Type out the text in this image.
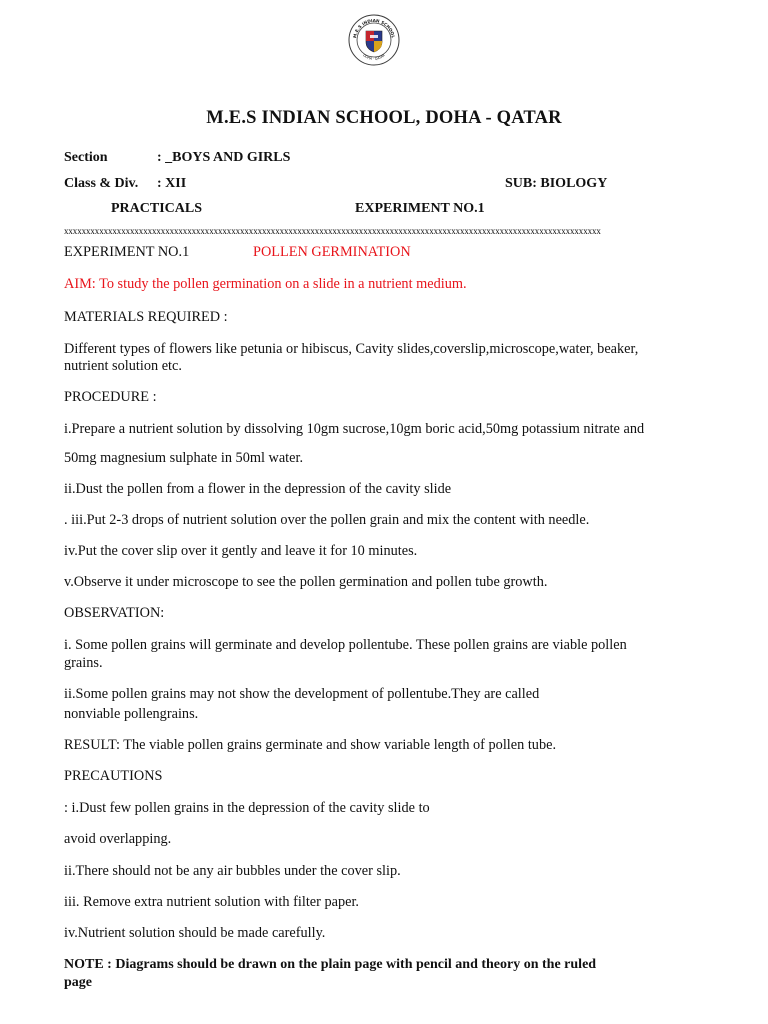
M.E.S INDIAN SCHOOL
DOHA · QATAR
M.E.S INDIAN SCHOOL, DOHA - QATAR
Section	: _BOYS AND GIRLS
Class & Div. : XII	SUB: BIOLOGY
PRACTICALS	EXPERIMENT NO.1
xxxxxxxxxxxxxxxxxxxxxxxxxxxxxxxxxxxxxxxxxxxxxxxxxxxxxxxxxxxxxxxxxxxxxxxxxxxxxxxxxxxxxxxxxxxxxxxxxxxxxxxxxxxxxxxxxxxxxxxxxx
EXPERIMENT NO.1	POLLEN GERMINATION
AIM: To study the pollen germination on a slide in a nutrient medium.
MATERIALS REQUIRED :
Different types of flowers like petunia or hibiscus, Cavity slides,coverslip,microscope,water, beaker,
nutrient solution etc.
PROCEDURE :
i.Prepare a nutrient solution by dissolving 10gm sucrose,10gm boric acid,50mg potassium nitrate and
50mg magnesium sulphate in 50ml water.
ii.Dust the pollen from a flower in the depression of the cavity slide
. iii.Put 2-3 drops of nutrient solution over the pollen grain and mix the content with needle.
iv.Put the cover slip over it gently and leave it for 10 minutes.
v.Observe it under microscope to see the pollen germination and pollen tube growth.
OBSERVATION:
i. Some pollen grains will germinate and develop pollentube. These pollen grains are viable pollen
grains.
ii.Some pollen grains may not show the development of pollentube.They are called
nonviable pollengrains.
RESULT: The viable pollen grains germinate and show variable length of pollen tube.
PRECAUTIONS
: i.Dust few pollen grains in the depression of the cavity slide to
avoid overlapping.
ii.There should not be any air bubbles under the cover slip.
iii. Remove extra nutrient solution with filter paper.
iv.Nutrient solution should be made carefully.
NOTE : Diagrams should be drawn on the plain page with pencil and theory on the ruled
page
